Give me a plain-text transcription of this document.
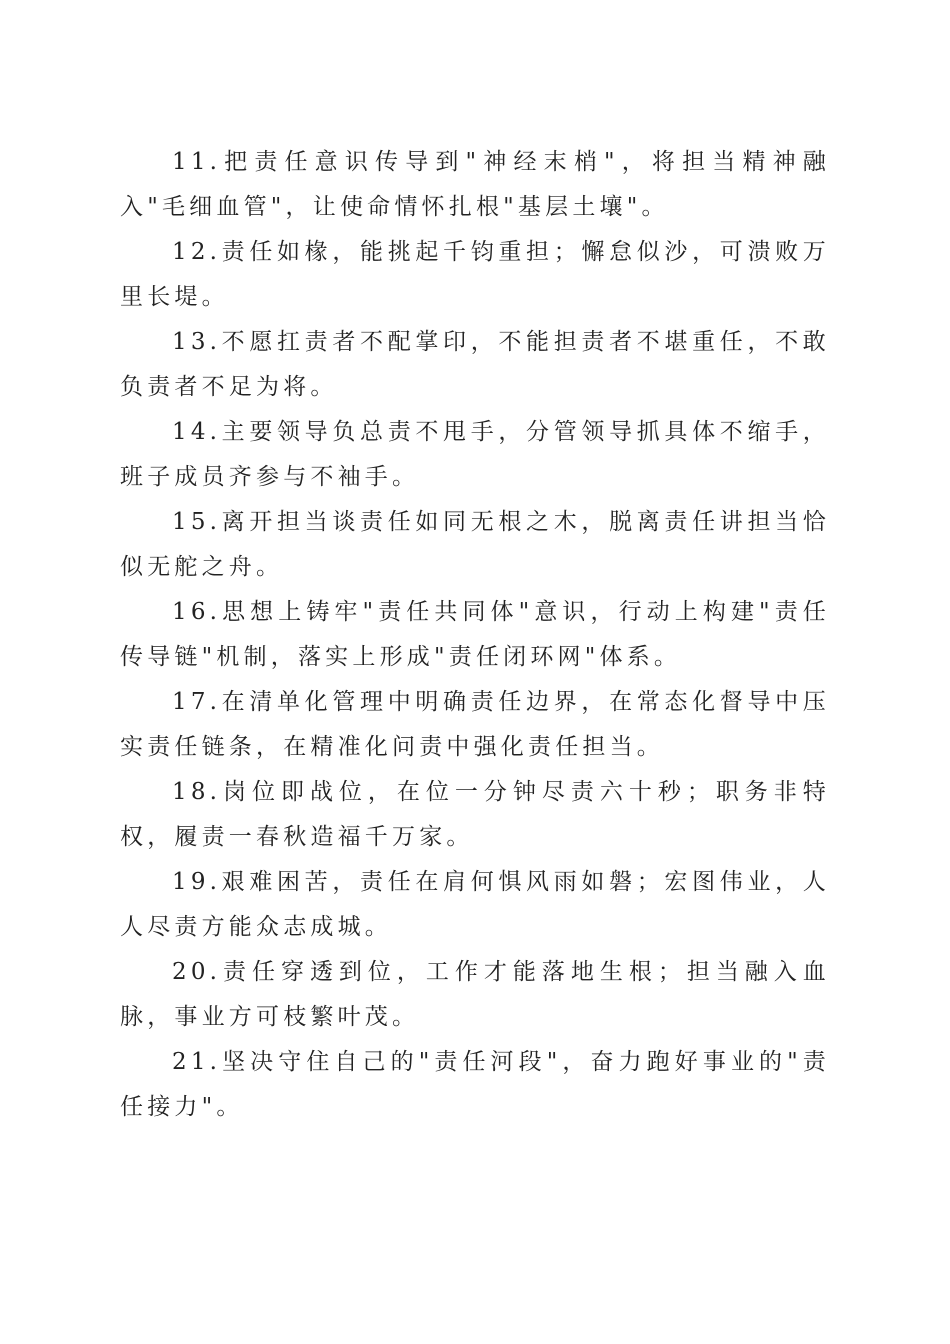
11.把责任意识传导到"神经末梢"，将担当精神融入"毛细血管"，让使命情怀扎根"基层土壤"。

12.责任如椽，能挑起千钧重担；懈怠似沙，可溃败万里长堤。

13.不愿扛责者不配掌印，不能担责者不堪重任，不敢负责者不足为将。

14.主要领导负总责不甩手，分管领导抓具体不缩手，班子成员齐参与不袖手。

15.离开担当谈责任如同无根之木，脱离责任讲担当恰似无舵之舟。

16.思想上铸牢"责任共同体"意识，行动上构建"责任传导链"机制，落实上形成"责任闭环网"体系。

17.在清单化管理中明确责任边界，在常态化督导中压实责任链条，在精准化问责中强化责任担当。

18.岗位即战位，在位一分钟尽责六十秒；职务非特权，履责一春秋造福千万家。

19.艰难困苦，责任在肩何惧风雨如磐；宏图伟业，人人尽责方能众志成城。

20.责任穿透到位，工作才能落地生根；担当融入血脉，事业方可枝繁叶茂。

21.坚决守住自己的"责任河段"，奋力跑好事业的"责任接力"。
